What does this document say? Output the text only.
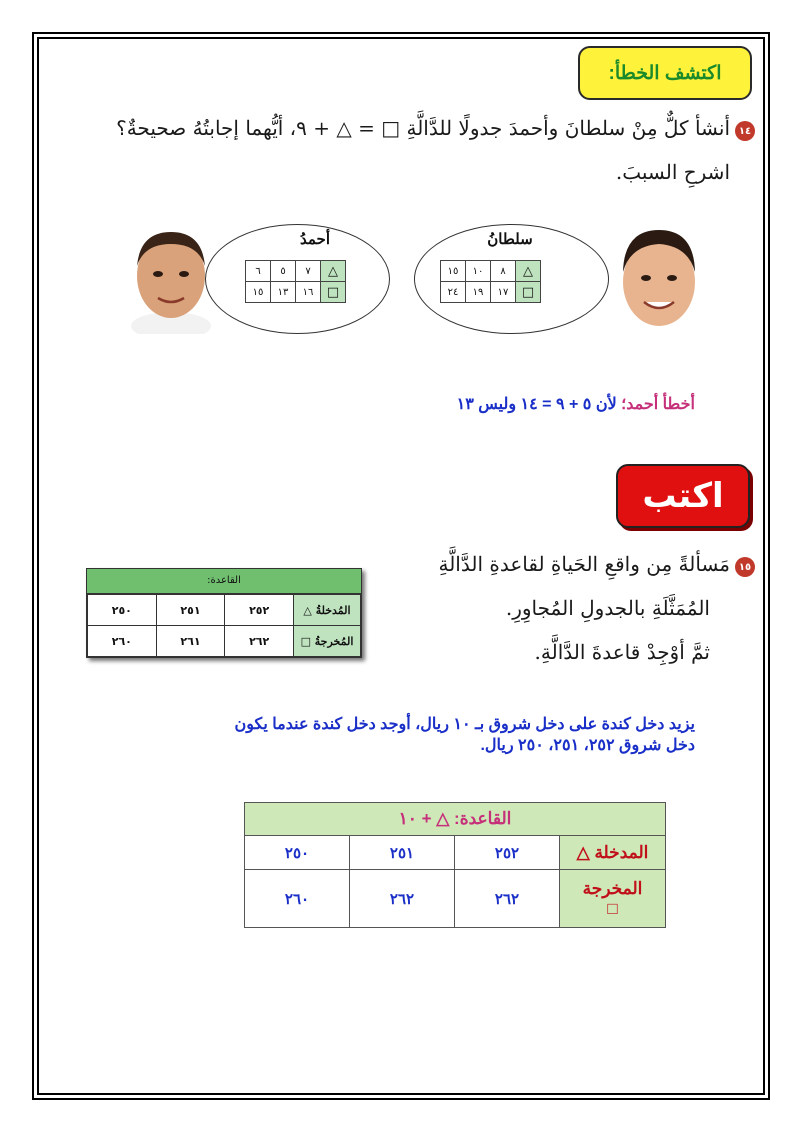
اكتشف الخطأ:
١٤
أنشأ كلٌّ مِنْ سلطانَ وأحمدَ جدولًا للدَّالَّةِ □ = △ + ٩، أيُّهما إجابتُهُ صحيحةٌ؟
اشرحِ السببَ.
أحمدُ
٦	٥	٧	△
١٥	١٣	١٦	□
سلطانُ
١٥	١٠	٨	△
٢٤	١٩	١٧	□
أخطأ أحمد؛ لأن ٥ + ٩ = ١٤ وليس ١٣
اكتب
١٥
مَسألةً مِن واقعِ الحَياةِ لقاعدةِ الدَّالَّةِ
المُمَثَّلَةِ بالجدولِ المُجاوِرِ.
ثمَّ أوْجِدْ قاعدةَ الدَّالَّةِ.
القاعدة:
٢٥٠	٢٥١	٢٥٢	المُدخلةُ △
٢٦٠	٢٦١	٢٦٢	المُخرجةُ □
يزيد دخل كندة على دخل شروق بـ ١٠ ريال، أوجد دخل كندة عندما يكون
دخل شروق ٢٥٢، ٢٥١، ٢٥٠ ريال.
القاعدة: △ + ١٠			
٢٥٠	٢٥١	٢٥٢	المدخلة △
٢٦٠	٢٦٢	٢٦٢	المخرجة
□
